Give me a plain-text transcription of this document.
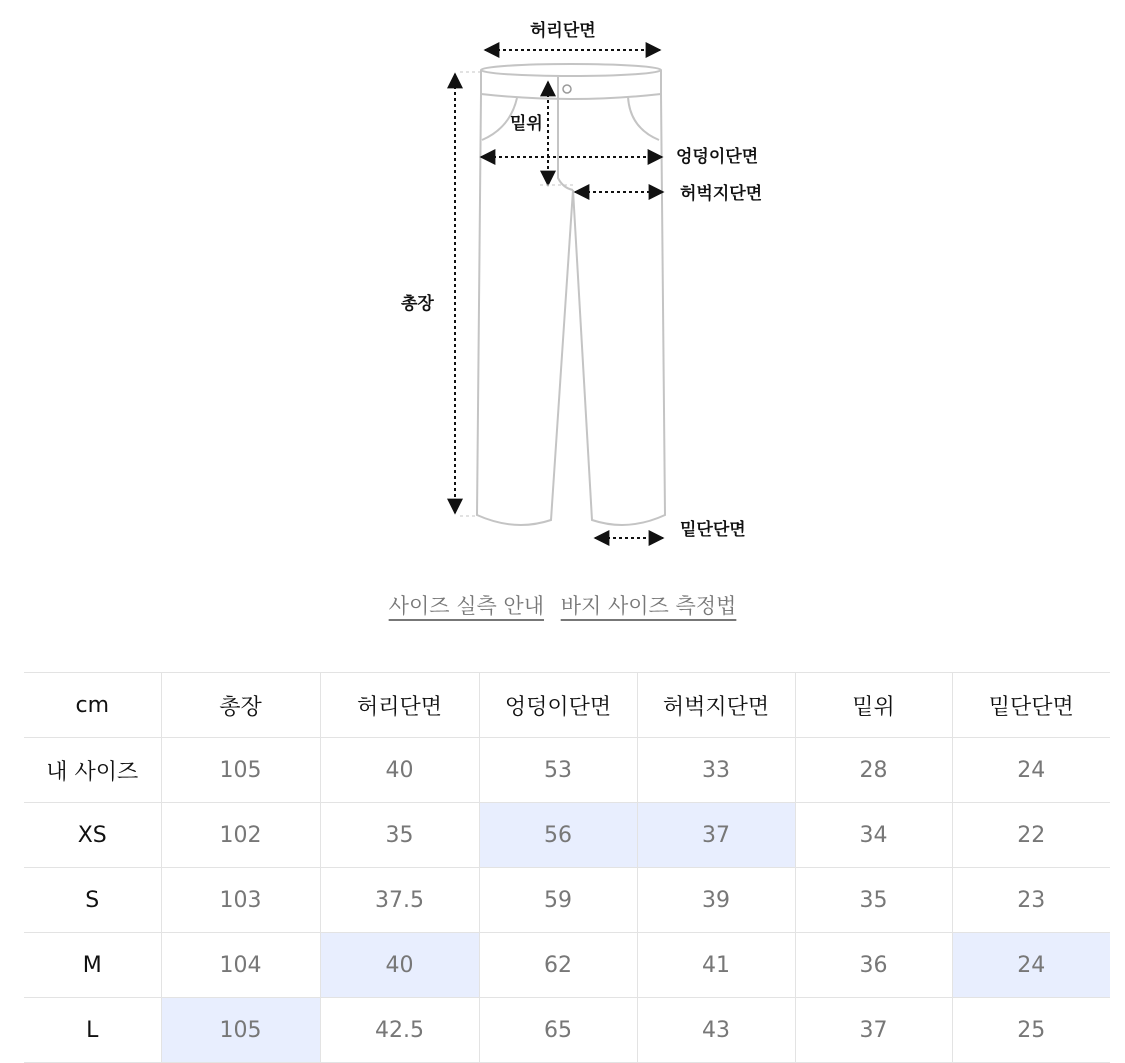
허리단면
밑위
엉덩이단면
허벅지단면
총장
밑단단면
사이즈 실측 안내 바지 사이즈 측정법
cm	총장	허리단면	엉덩이단면	허벅지단면	밑위	밑단단면
내 사이즈	105	40	53	33	28	24
XS	102	35	56	37	34	22
S	103	37.5	59	39	35	23
M	104	40	62	41	36	24
L	105	42.5	65	43	37	25
